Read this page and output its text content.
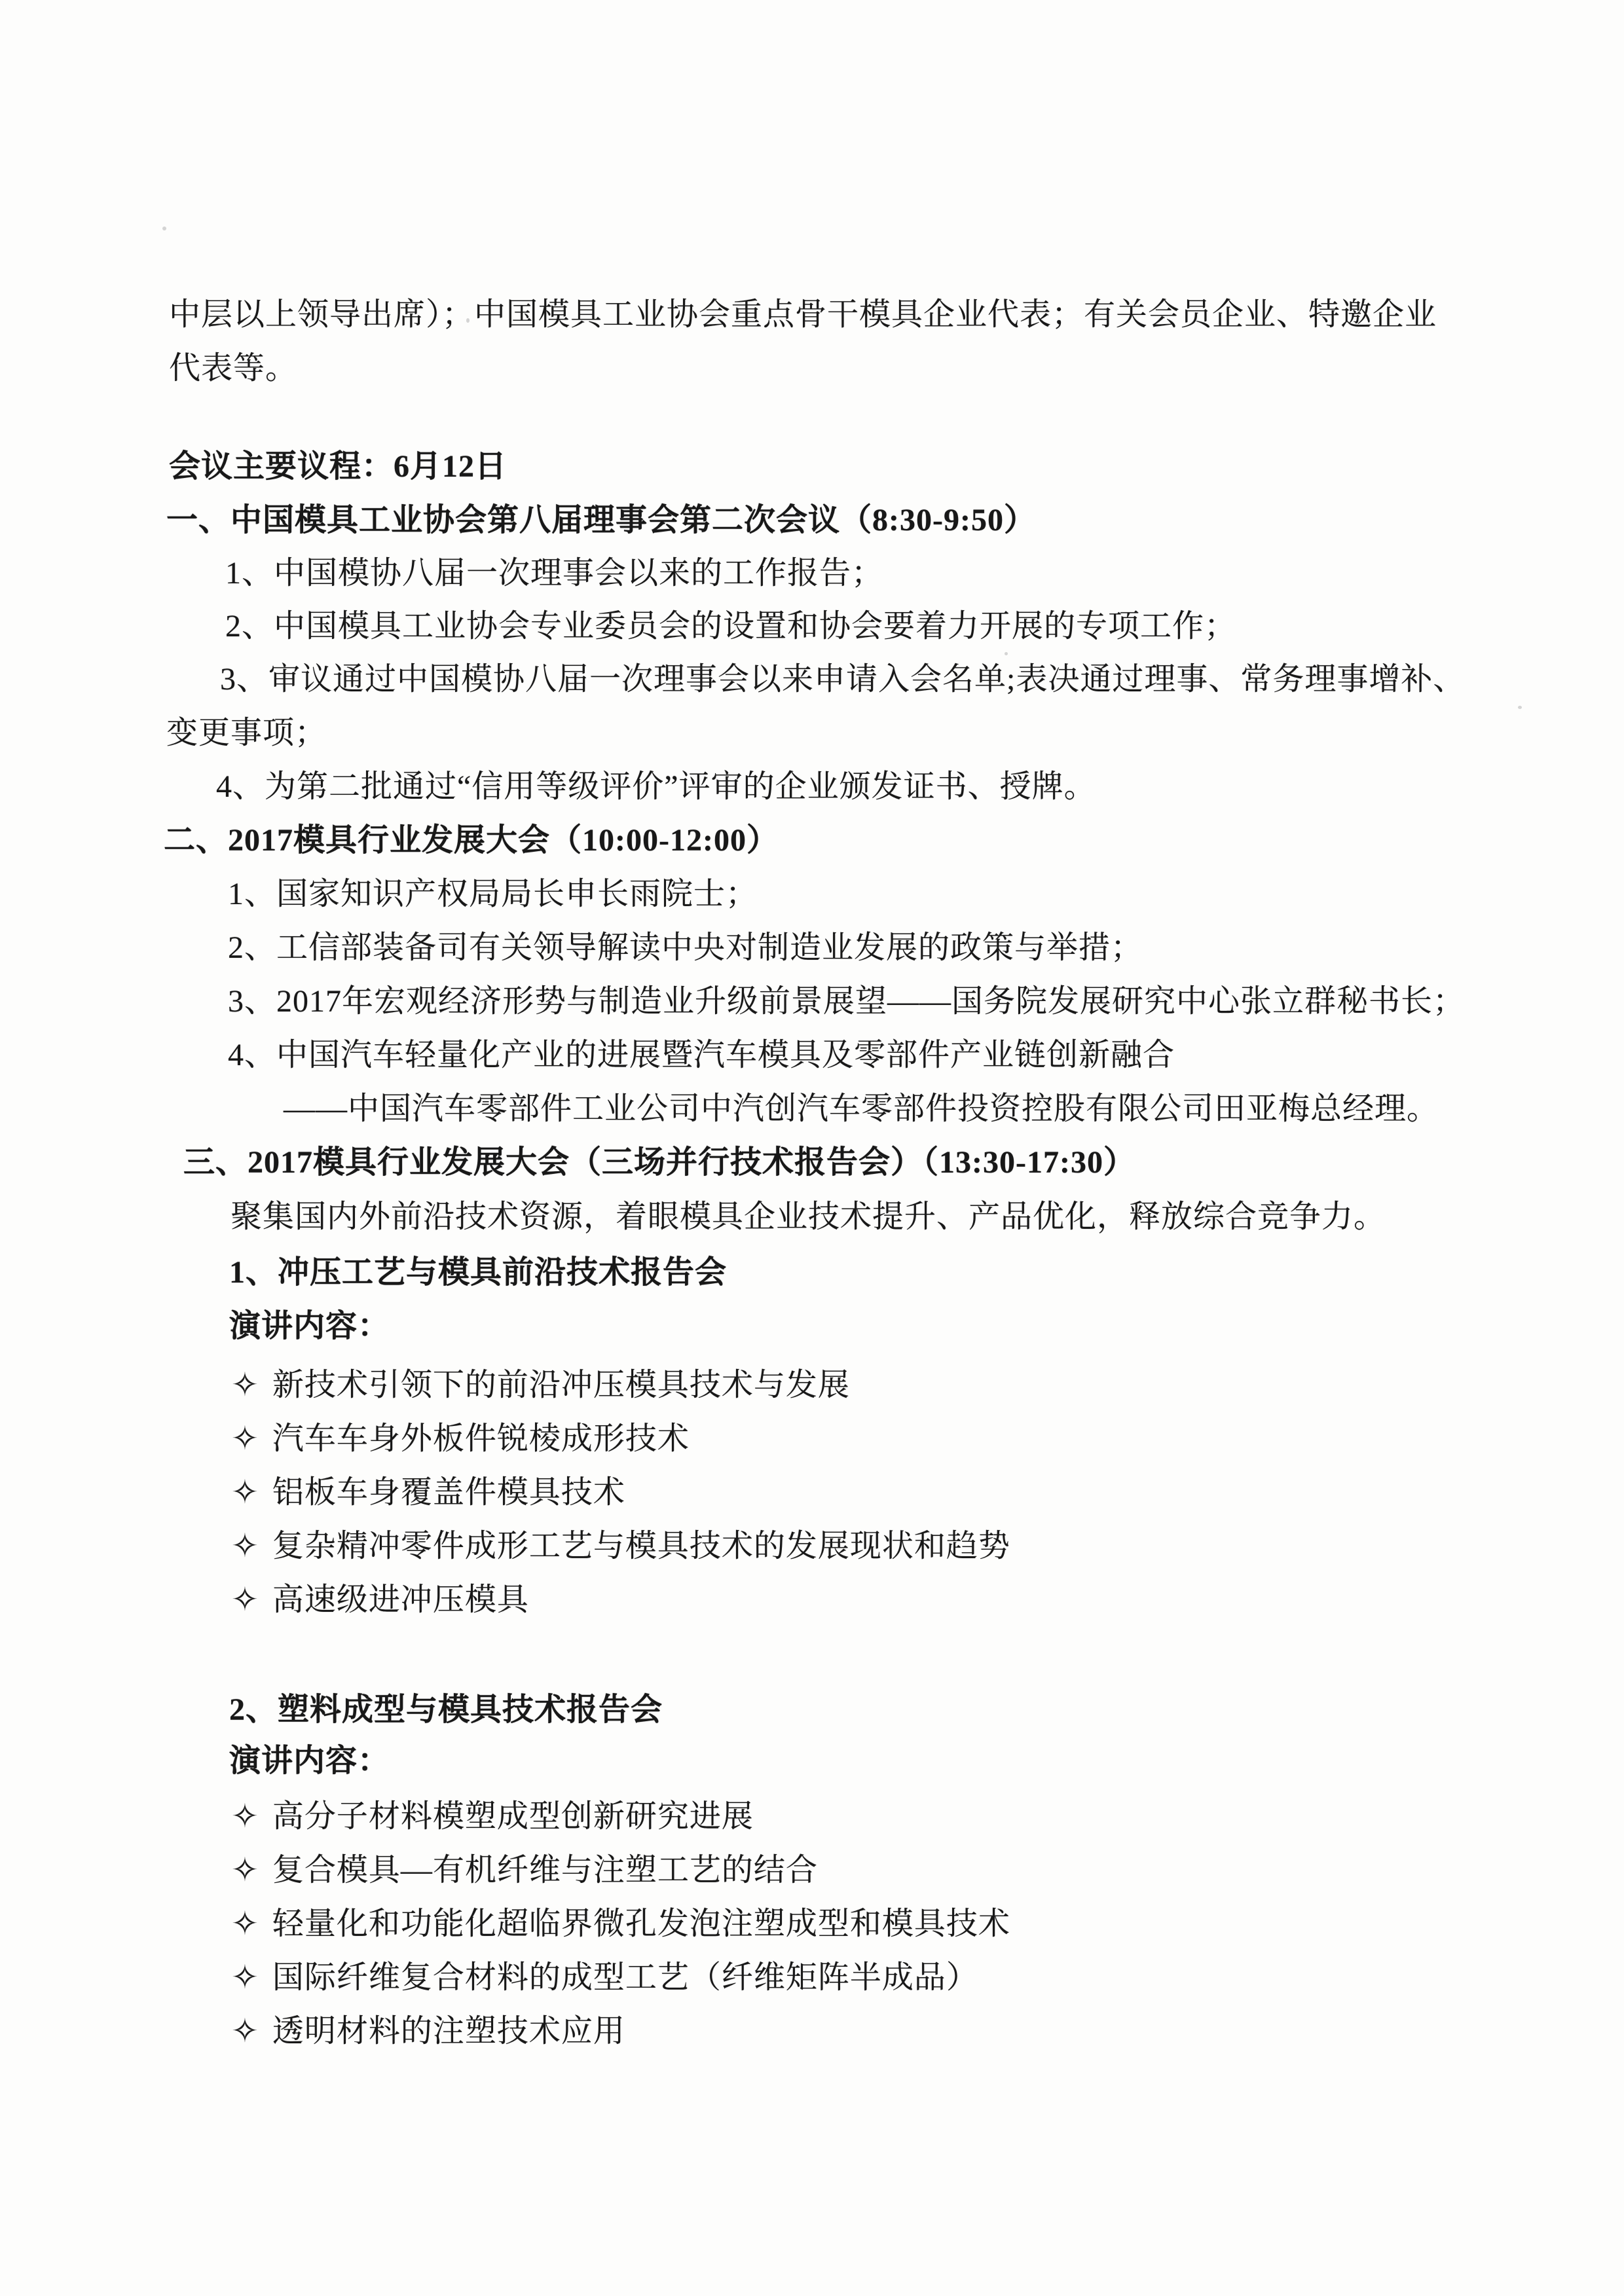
中层以上领导出席）；中国模具工业协会重点骨干模具企业代表；有关会员企业、特邀企业
代表等。
会议主要议程：6月12日
一、中国模具工业协会第八届理事会第二次会议（8:30-9:50）
1、中国模协八届一次理事会以来的工作报告；
2、中国模具工业协会专业委员会的设置和协会要着力开展的专项工作；
3、审议通过中国模协八届一次理事会以来申请入会名单;表决通过理事、常务理事增补、
变更事项；
4、为第二批通过“信用等级评价”评审的企业颁发证书、授牌。
二、2017模具行业发展大会（10:00-12:00）
1、国家知识产权局局长申长雨院士；
2、工信部装备司有关领导解读中央对制造业发展的政策与举措；
3、2017年宏观经济形势与制造业升级前景展望——国务院发展研究中心张立群秘书长；
4、中国汽车轻量化产业的进展暨汽车模具及零部件产业链创新融合
——中国汽车零部件工业公司中汽创汽车零部件投资控股有限公司田亚梅总经理。
三、2017模具行业发展大会（三场并行技术报告会）（13:30-17:30）
聚集国内外前沿技术资源，着眼模具企业技术提升、产品优化，释放综合竞争力。
1、冲压工艺与模具前沿技术报告会
演讲内容：
✧ 新技术引领下的前沿冲压模具技术与发展
✧ 汽车车身外板件锐棱成形技术
✧ 铝板车身覆盖件模具技术
✧ 复杂精冲零件成形工艺与模具技术的发展现状和趋势
✧ 高速级进冲压模具
2、塑料成型与模具技术报告会
演讲内容：
✧ 高分子材料模塑成型创新研究进展
✧ 复合模具—有机纤维与注塑工艺的结合
✧ 轻量化和功能化超临界微孔发泡注塑成型和模具技术
✧ 国际纤维复合材料的成型工艺（纤维矩阵半成品）
✧ 透明材料的注塑技术应用
